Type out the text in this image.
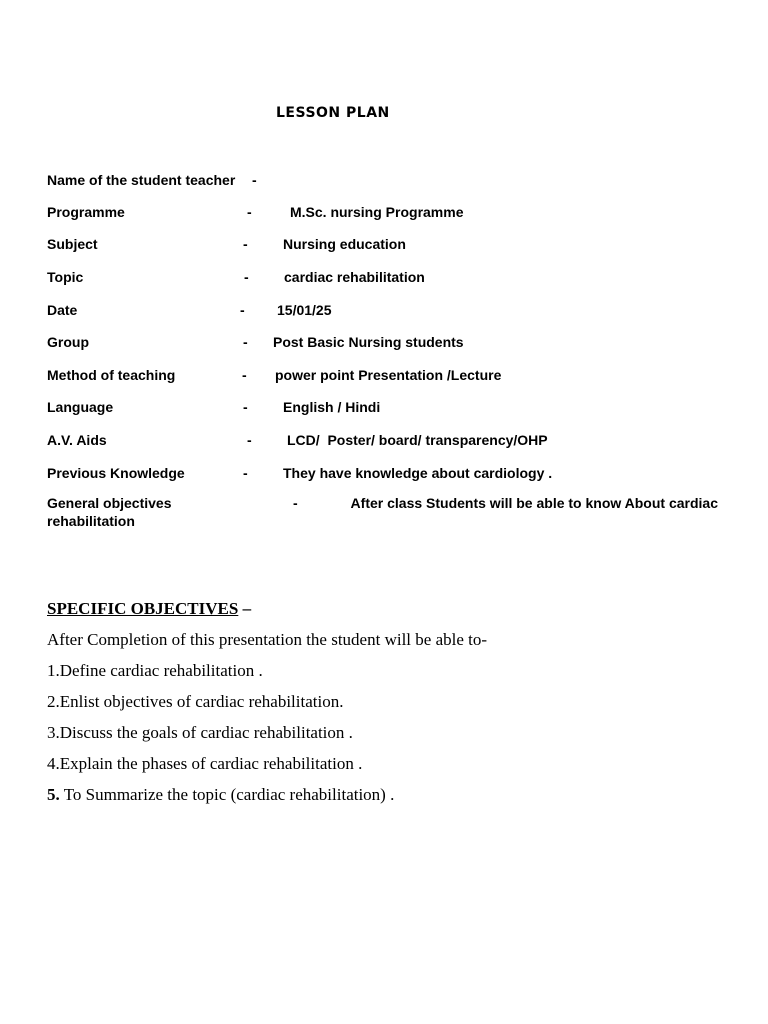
LESSON PLAN
Name of the student teacher -
Programme	-	M.Sc. nursing Programme
Subject	-	Nursing education
Topic	-	cardiac rehabilitation
Date	- 15/01/25
Group	- Post Basic Nursing students
Method of teaching	- power point Presentation /Lecture
Language	-	English / Hindi
A.V. Aids	-	LCD/  Poster/ board/ transparency/OHP
Previous Knowledge	-	They have knowledge about cardiology .
General objectives	-	After class Students will be able to know About cardiac
rehabilitation

SPECIFIC OBJECTIVES –

After Completion of this presentation the student will be able to-

1.Define cardiac rehabilitation .

2.Enlist objectives of cardiac rehabilitation.

3.Discuss the goals of cardiac rehabilitation .

4.Explain the phases of cardiac rehabilitation .

5. To Summarize the topic (cardiac rehabilitation) .
